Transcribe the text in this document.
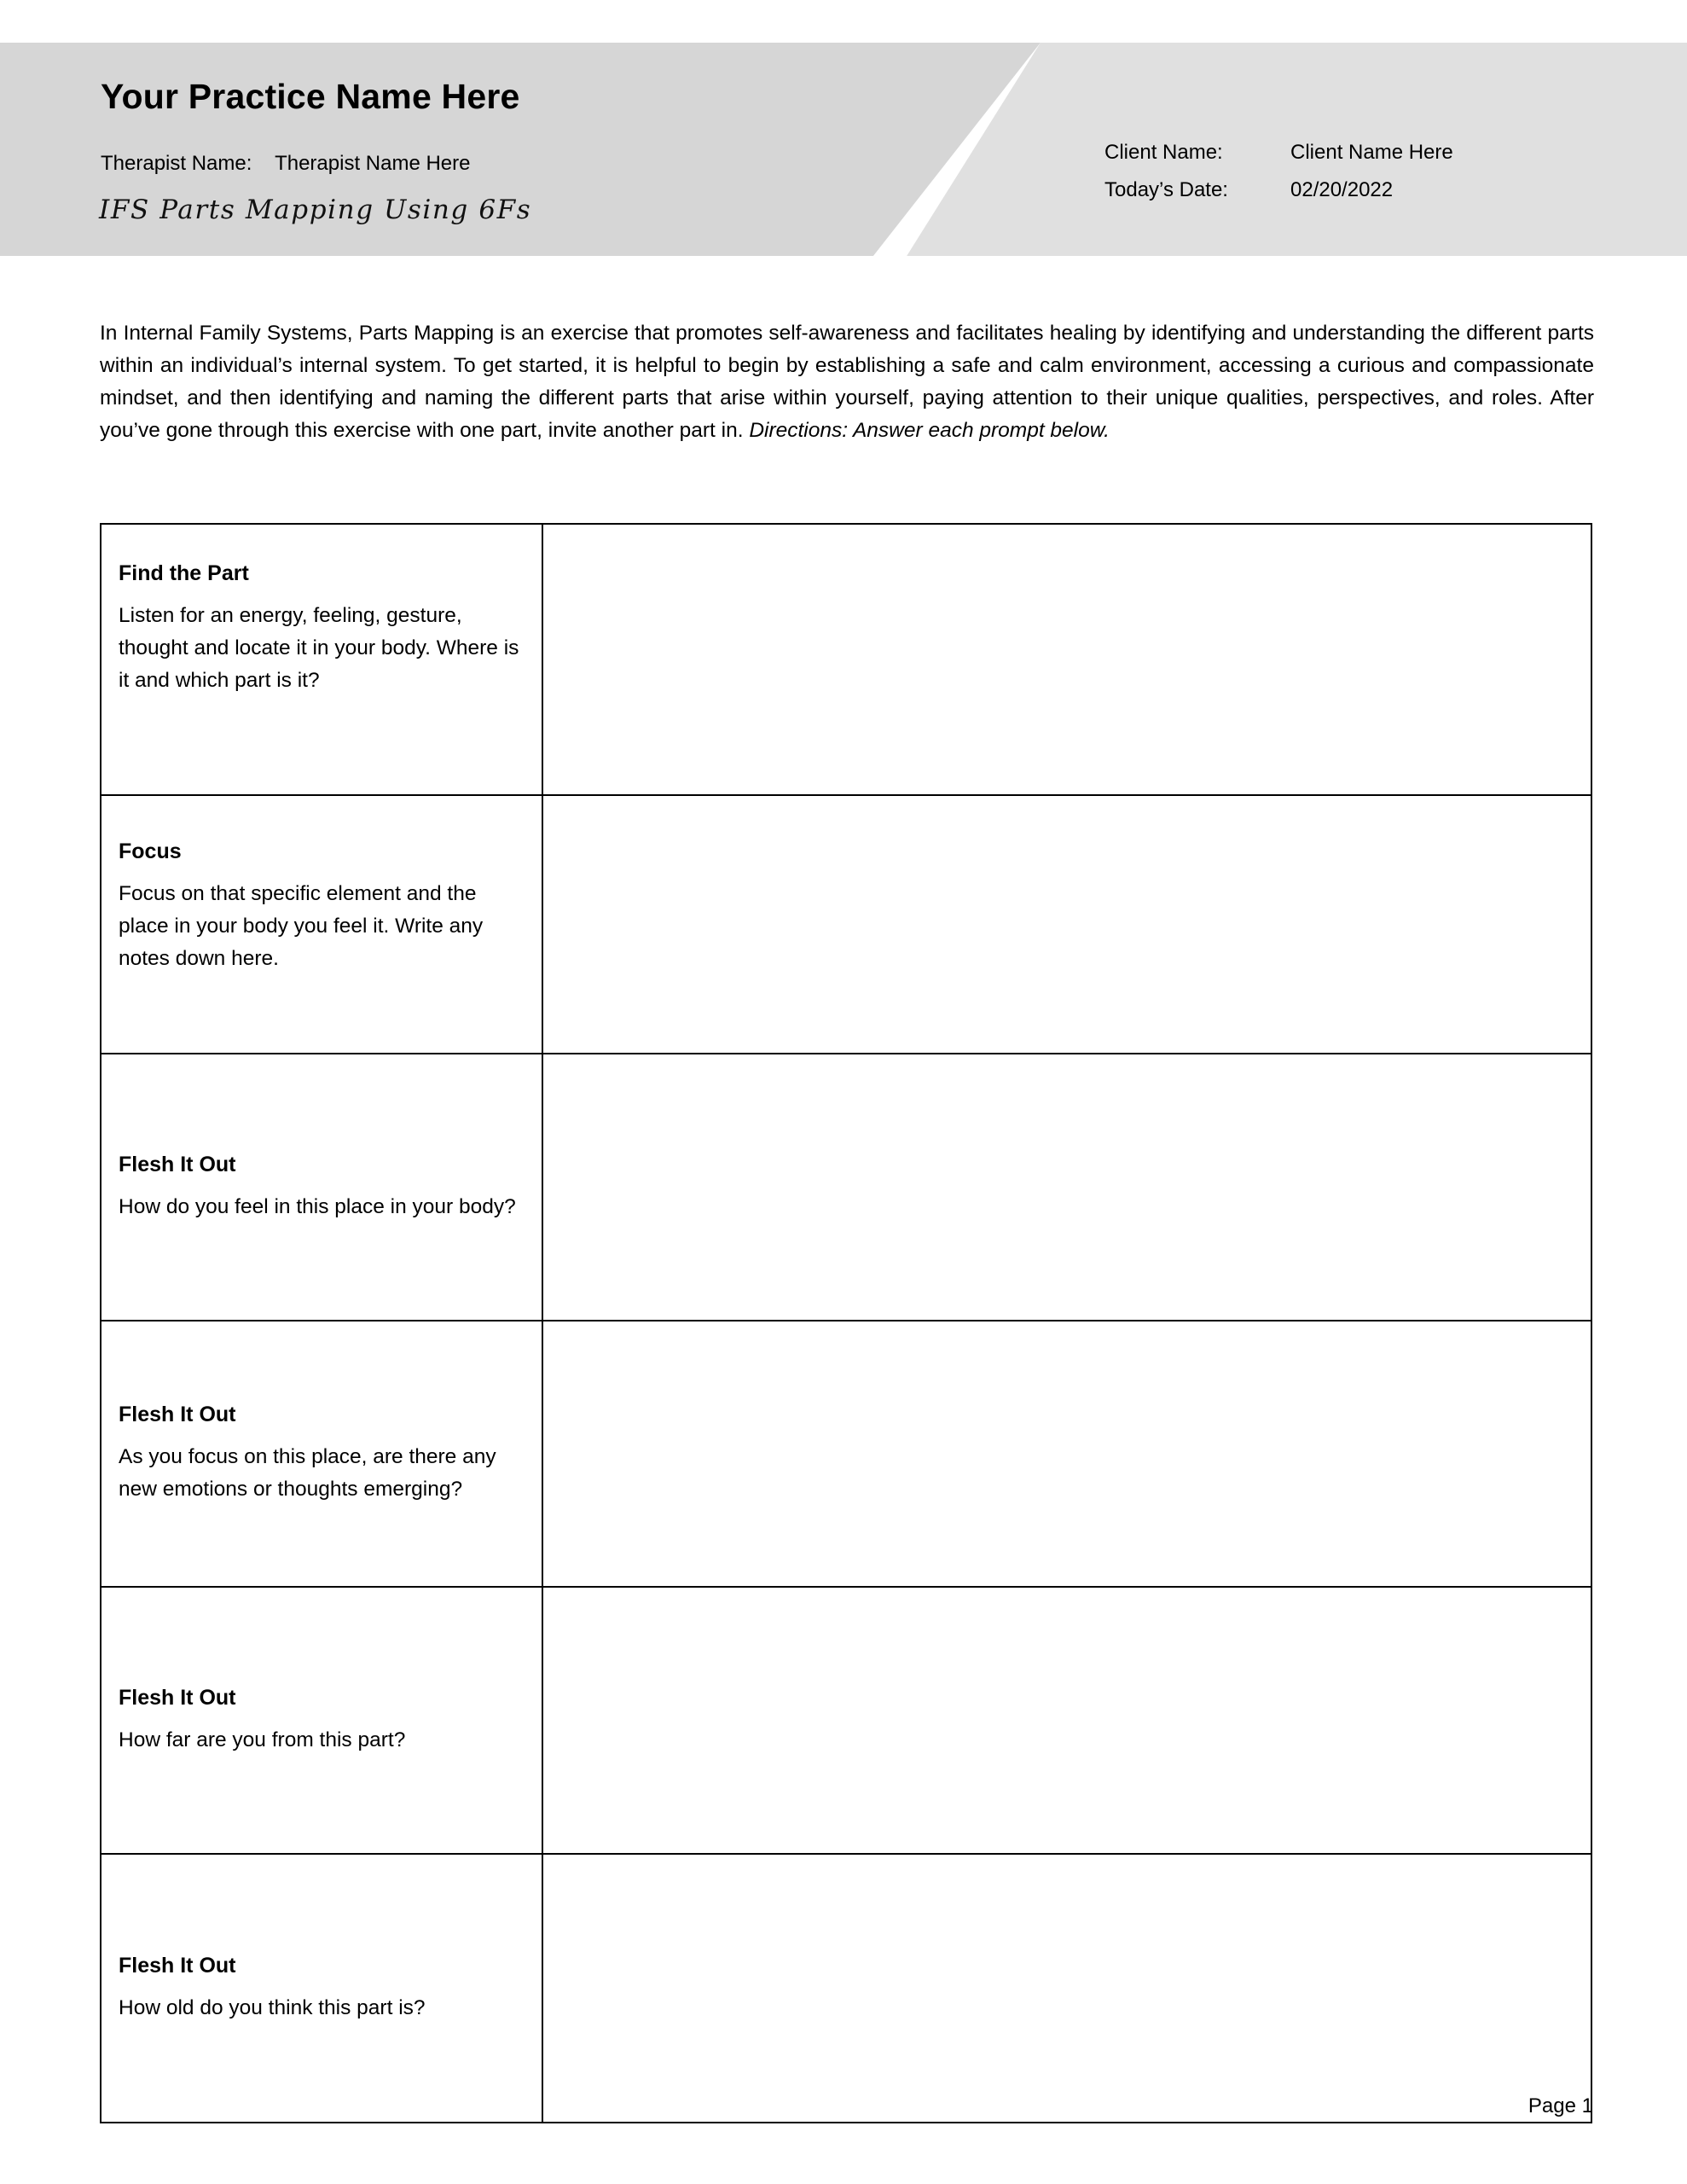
Your Practice Name Here
Therapist Name: Therapist Name Here
IFS Parts Mapping Using 6Fs
Client Name:	Client Name Here
Today’s Date:	02/20/2022
In Internal Family Systems, Parts Mapping is an exercise that promotes self-awareness and facilitates healing by identifying and understanding the different parts within an individual’s internal system. To get started, it is helpful to begin by establishing a safe and calm environment, accessing a curious and compassionate mindset, and then identifying and naming the different parts that arise within yourself, paying attention to their unique qualities, perspectives, and roles. After you’ve gone through this exercise with one part, invite another part in. Directions: Answer each prompt below.
Find the Part
Listen for an energy, feeling, gesture, thought and locate it in your body. Where is it and which part is it?
Focus
Focus on that specific element and the place in your body you feel it. Write any notes down here.
Flesh It Out
How do you feel in this place in your body?
Flesh It Out
As you focus on this place, are there any new emotions or thoughts emerging?
Flesh It Out
How far are you from this part?
Flesh It Out
How old do you think this part is?
Page 1
